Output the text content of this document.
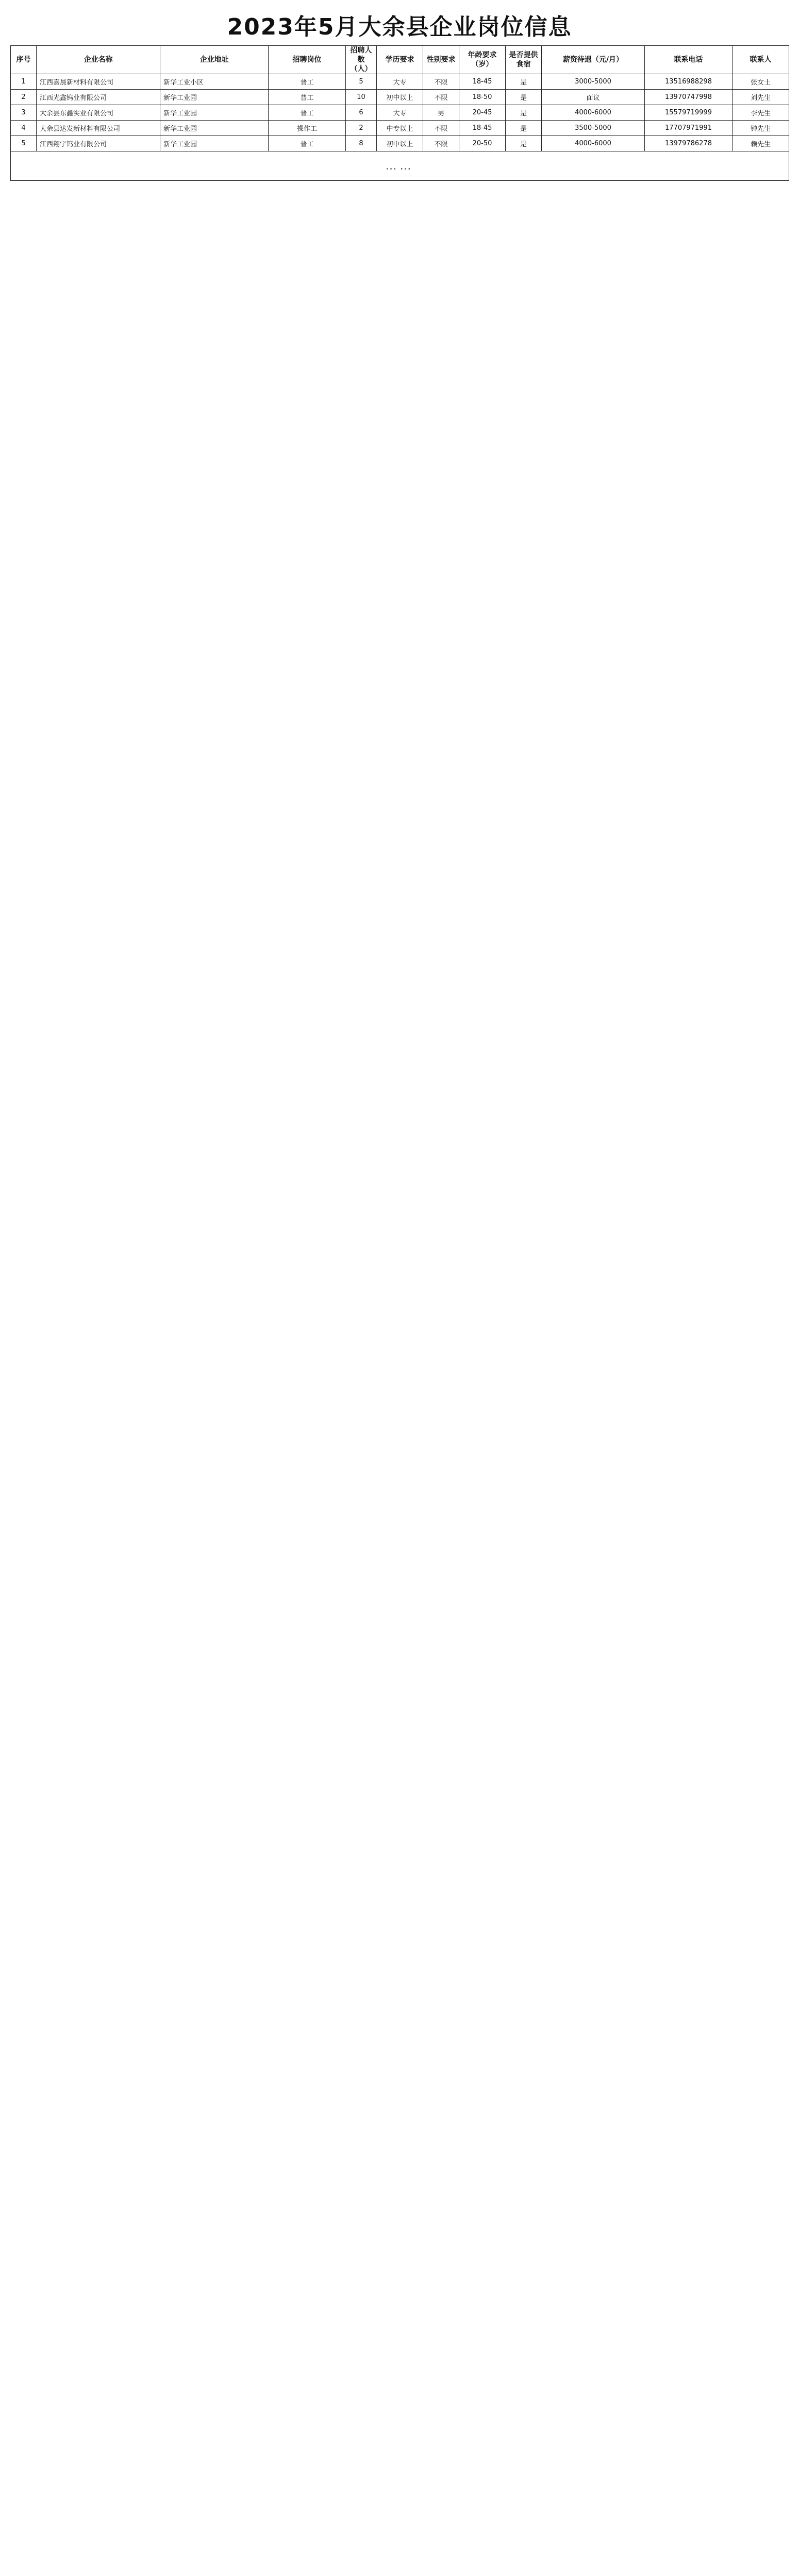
2023年5月大余县企业岗位信息
序号	企业名称	企业地址	招聘岗位	招聘人数（人）	学历要求	性别要求	年龄要求（岁）	是否提供食宿	薪资待遇（元/月）	联系电话	联系人
1	江西嘉晨新材料有限公司	新华工业小区	普工	5	大专	不限	18-45	是	3000-5000	13516988298	张女士
2	江西光鑫钨业有限公司	新华工业园	普工	10	初中以上	不限	18-50	是	面议	13970747998	刘先生
3	大余县东鑫实业有限公司	新华工业园	普工	6	大专	男	20-45	是	4000-6000	15579719999	李先生
4	大余县达发新材料有限公司	新华工业园	操作工	2	中专以上	不限	18-45	是	3500-5000	17707971991	钟先生
5	江西翔宇钨业有限公司	新华工业园	普工	8	初中以上	不限	20-50	是	4000-6000	13979786278	赖先生
……											
